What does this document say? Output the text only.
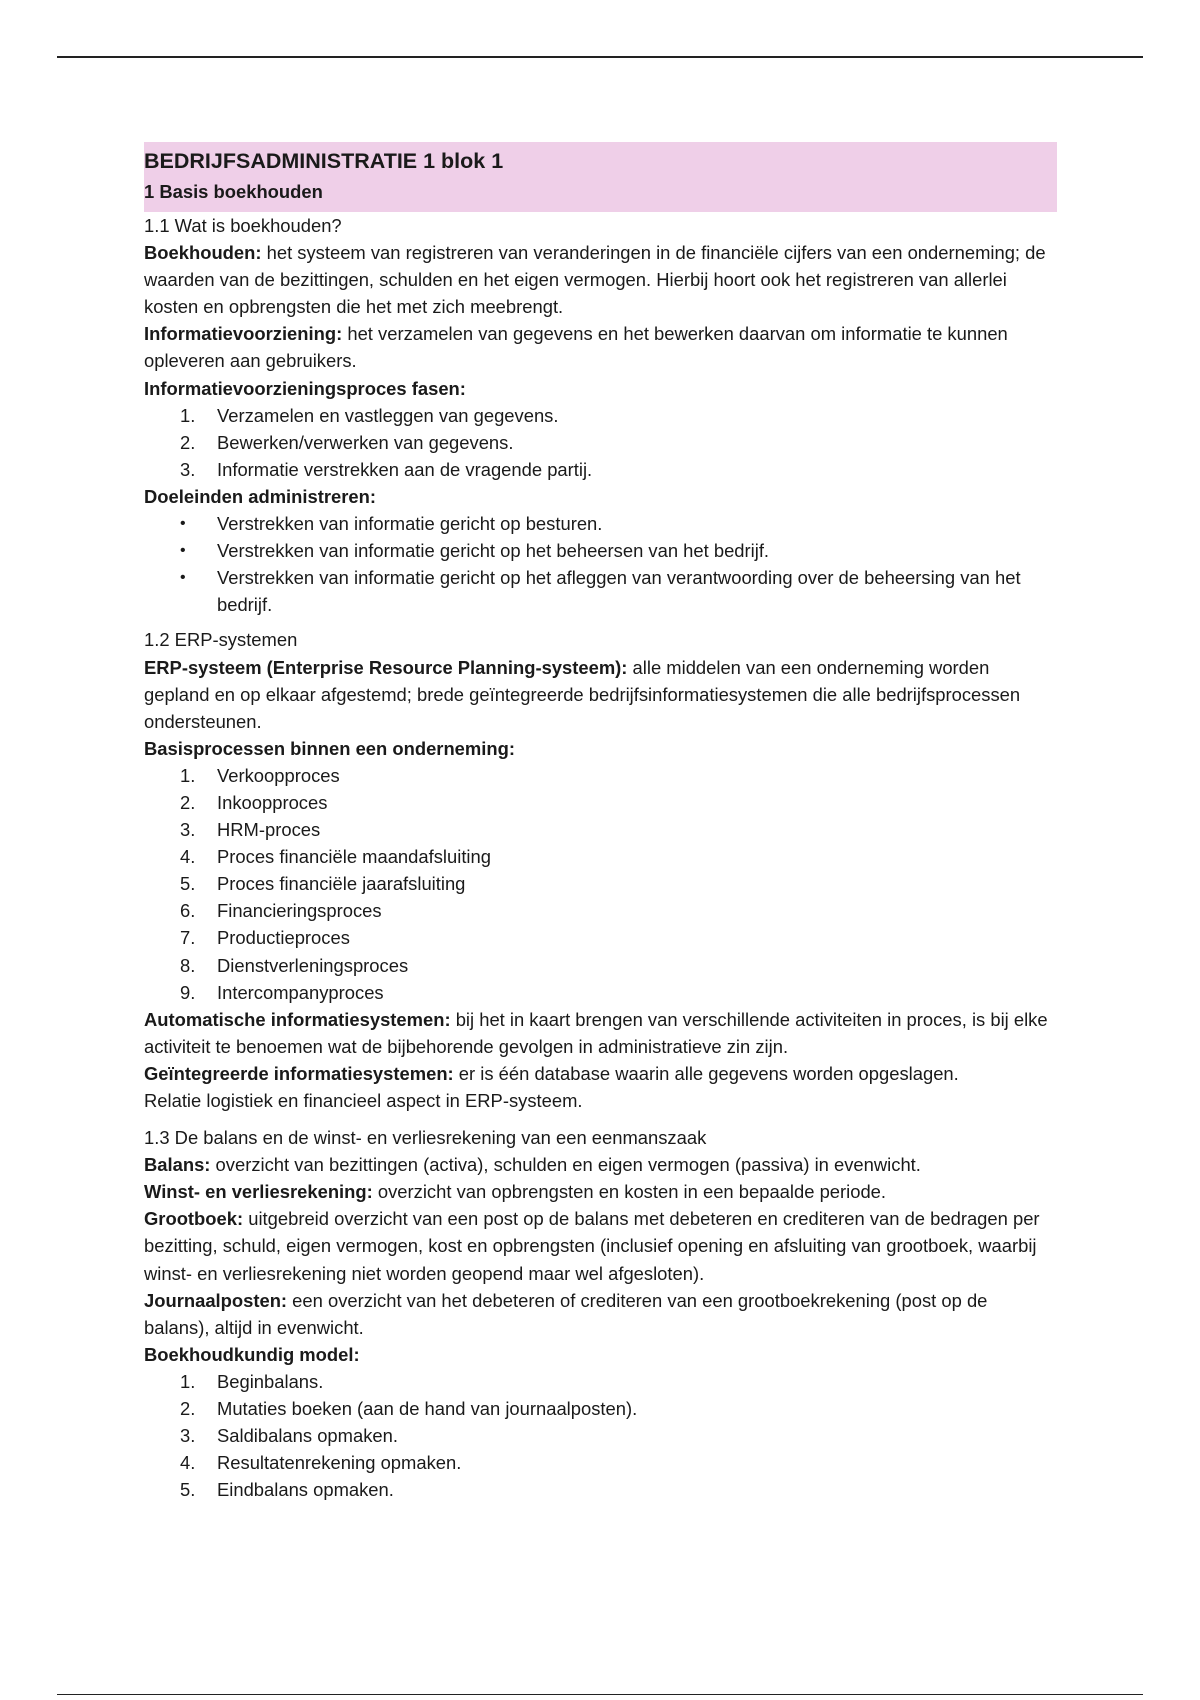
BEDRIJFSADMINISTRATIE 1 blok 1
1 Basis boekhouden

1.1 Wat is boekhouden?

Boekhouden: het systeem van registreren van veranderingen in de financiële cijfers van een onderneming; de waarden van de bezittingen, schulden en het eigen vermogen. Hierbij hoort ook het registreren van allerlei kosten en opbrengsten die het met zich meebrengt.

Informatievoorziening: het verzamelen van gegevens en het bewerken daarvan om informatie te kunnen opleveren aan gebruikers.

Informatievoorzieningsproces fasen:

1.	Verzamelen en vastleggen van gegevens.
2.	Bewerken/verwerken van gegevens.
3.	Informatie verstrekken aan de vragende partij.

Doeleinden administreren:

•	Verstrekken van informatie gericht op besturen.
•	Verstrekken van informatie gericht op het beheersen van het bedrijf.
•	Verstrekken van informatie gericht op het afleggen van verantwoording over de beheersing van het bedrijf.

1.2 ERP-systemen

ERP-systeem (Enterprise Resource Planning-systeem): alle middelen van een onderneming worden gepland en op elkaar afgestemd; brede geïntegreerde bedrijfsinformatiesystemen die alle bedrijfsprocessen ondersteunen.

Basisprocessen binnen een onderneming:

1.	Verkoopproces
2.	Inkoopproces
3.	HRM-proces
4.	Proces financiële maandafsluiting
5.	Proces financiële jaarafsluiting
6.	Financieringsproces
7.	Productieproces
8.	Dienstverleningsproces
9.	Intercompanyproces

Automatische informatiesystemen: bij het in kaart brengen van verschillende activiteiten in proces, is bij elke activiteit te benoemen wat de bijbehorende gevolgen in administratieve zin zijn.

Geïntegreerde informatiesystemen: er is één database waarin alle gegevens worden opgeslagen.

Relatie logistiek en financieel aspect in ERP-systeem.

1.3 De balans en de winst- en verliesrekening van een eenmanszaak

Balans: overzicht van bezittingen (activa), schulden en eigen vermogen (passiva) in evenwicht.

Winst- en verliesrekening: overzicht van opbrengsten en kosten in een bepaalde periode.

Grootboek: uitgebreid overzicht van een post op de balans met debeteren en crediteren van de bedragen per bezitting, schuld, eigen vermogen, kost en opbrengsten (inclusief opening en afsluiting van grootboek, waarbij winst- en verliesrekening niet worden geopend maar wel afgesloten).

Journaalposten: een overzicht van het debeteren of crediteren van een grootboekrekening (post op de balans), altijd in evenwicht.

Boekhoudkundig model:

1.	Beginbalans.
2.	Mutaties boeken (aan de hand van journaalposten).
3.	Saldibalans opmaken.
4.	Resultatenrekening opmaken.
5.	Eindbalans opmaken.
